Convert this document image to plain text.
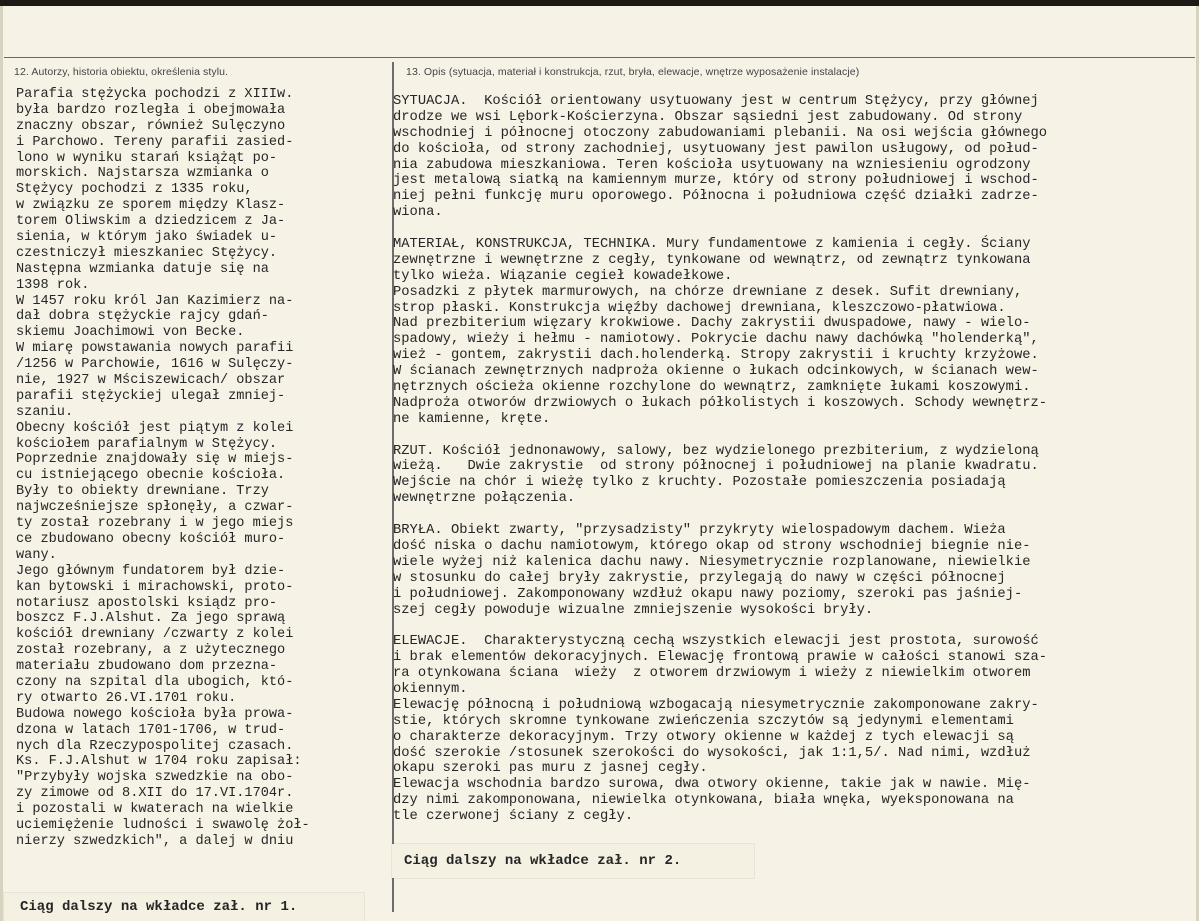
12. Autorzy, historia obiektu, określenia stylu.	13. Opis (sytuacja, materiał i konstrukcja, rzut, bryła, elewacje, wnętrze wyposażenie instalacje)
Parafia stężycka pochodzi z XIIIw.
była bardzo rozległa i obejmowała
znaczny obszar, również Sulęczyno
i Parchowo. Tereny parafii zasied-
lono w wyniku starań książąt po-
morskich. Najstarsza wzmianka o
Stężycy pochodzi z 1335 roku,
w związku ze sporem między Klasz-
torem Oliwskim a dziedzicem z Ja-
sienia, w którym jako świadek u-
czestniczył mieszkaniec Stężycy.
Następna wzmianka datuje się na
1398 rok.
W 1457 roku król Jan Kazimierz na-
dał dobra stężyckie rajcy gdań-
skiemu Joachimowi von Becke.
W miarę powstawania nowych parafii
/1256 w Parchowie, 1616 w Sulęczy-
nie, 1927 w Mściszewicach/ obszar
parafii stężyckiej ulegał zmniej-
szaniu.
Obecny kościół jest piątym z kolei
kościołem parafialnym w Stężycy.
Poprzednie znajdowały się w miejs-
cu istniejącego obecnie kościoła.
Były to obiekty drewniane. Trzy
najwcześniejsze spłonęły, a czwar-
ty został rozebrany i w jego miejs
ce zbudowano obecny kościół muro-
wany.
Jego głównym fundatorem był dzie-
kan bytowski i mirachowski, proto-
notariusz apostolski ksiądz pro-
boszcz F.J.Alshut. Za jego sprawą
kościół drewniany /czwarty z kolei
został rozebrany, a z użytecznego
materiału zbudowano dom przezna-
czony na szpital dla ubogich, któ-
ry otwarto 26.VI.1701 roku.
Budowa nowego kościoła była prowa-
dzona w latach 1701-1706, w trud-
nych dla Rzeczypospolitej czasach.
Ks. F.J.Alshut w 1704 roku zapisał:
"Przybyły wojska szwedzkie na obo-
zy zimowe od 8.XII do 17.VI.1704r.
i pozostali w kwaterach na wielkie
uciemiężenie ludności i swawolę żoł-
nierzy szwedzkich", a dalej w dniu
SYTUACJA.  Kościół orientowany usytuowany jest w centrum Stężycy, przy głównej
drodze we wsi Lębork-Kościerzyna. Obszar sąsiedni jest zabudowany. Od strony
wschodniej i północnej otoczony zabudowaniami plebanii. Na osi wejścia głównego
do kościoła, od strony zachodniej, usytuowany jest pawilon usługowy, od połud-
nia zabudowa mieszkaniowa. Teren kościoła usytuowany na wzniesieniu ogrodzony
jest metalową siatką na kamiennym murze, który od strony południowej i wschod-
niej pełni funkcję muru oporowego. Północna i południowa część działki zadrze-
wiona.
MATERIAŁ, KONSTRUKCJA, TECHNIKA. Mury fundamentowe z kamienia i cegły. Ściany
zewnętrzne i wewnętrzne z cegły, tynkowane od wewnątrz, od zewnątrz tynkowana
tylko wieża. Wiązanie cegieł kowadełkowe.
Posadzki z płytek marmurowych, na chórze drewniane z desek. Sufit drewniany,
strop płaski. Konstrukcja więźby dachowej drewniana, kleszczowo-płatwiowa.
Nad prezbiterium więzary krokwiowe. Dachy zakrystii dwuspadowe, nawy - wielo-
spadowy, wieży i hełmu - namiotowy. Pokrycie dachu nawy dachówką "holenderką",
wież - gontem, zakrystii dach.holenderką. Stropy zakrystii i kruchty krzyżowe.
W ścianach zewnętrznych nadproża okienne o łukach odcinkowych, w ścianach wew-
nętrznych ościeża okienne rozchylone do wewnątrz, zamknięte łukami koszowymi.
Nadproża otworów drzwiowych o łukach półkolistych i koszowych. Schody wewnętrz-
ne kamienne, kręte.
RZUT. Kościół jednonawowy, salowy, bez wydzielonego prezbiterium, z wydzieloną
wieżą.   Dwie zakrystie  od strony północnej i południowej na planie kwadratu.
Wejście na chór i wieżę tylko z kruchty. Pozostałe pomieszczenia posiadają
wewnętrzne połączenia.
BRYŁA. Obiekt zwarty, "przysadzisty" przykryty wielospadowym dachem. Wieża
dość niska o dachu namiotowym, którego okap od strony wschodniej biegnie nie-
wiele wyżej niż kalenica dachu nawy. Niesymetrycznie rozplanowane, niewielkie
w stosunku do całej bryły zakrystie, przylegają do nawy w części północnej
i południowej. Zakomponowany wzdłuż okapu nawy poziomy, szeroki pas jaśniej-
szej cegły powoduje wizualne zmniejszenie wysokości bryły.
ELEWACJE.  Charakterystyczną cechą wszystkich elewacji jest prostota, surowość
i brak elementów dekoracyjnych. Elewację frontową prawie w całości stanowi sza-
ra otynkowana ściana  wieży  z otworem drzwiowym i wieży z niewielkim otworem
okiennym.
Elewację północną i południową wzbogacają niesymetrycznie zakomponowane zakry-
stie, których skromne tynkowane zwieńczenia szczytów są jedynymi elementami
o charakterze dekoracyjnym. Trzy otwory okienne w każdej z tych elewacji są
dość szerokie /stosunek szerokości do wysokości, jak 1:1,5/. Nad nimi, wzdłuż
okapu szeroki pas muru z jasnej cegły.
Elewacja wschodnia bardzo surowa, dwa otwory okienne, takie jak w nawie. Mię-
dzy nimi zakomponowana, niewielka otynkowana, biała wnęka, wyeksponowana na
tle czerwonej ściany z cegły.
Ciąg dalszy na wkładce zał. nr 2.
Ciąg dalszy na wkładce zał. nr 1.
